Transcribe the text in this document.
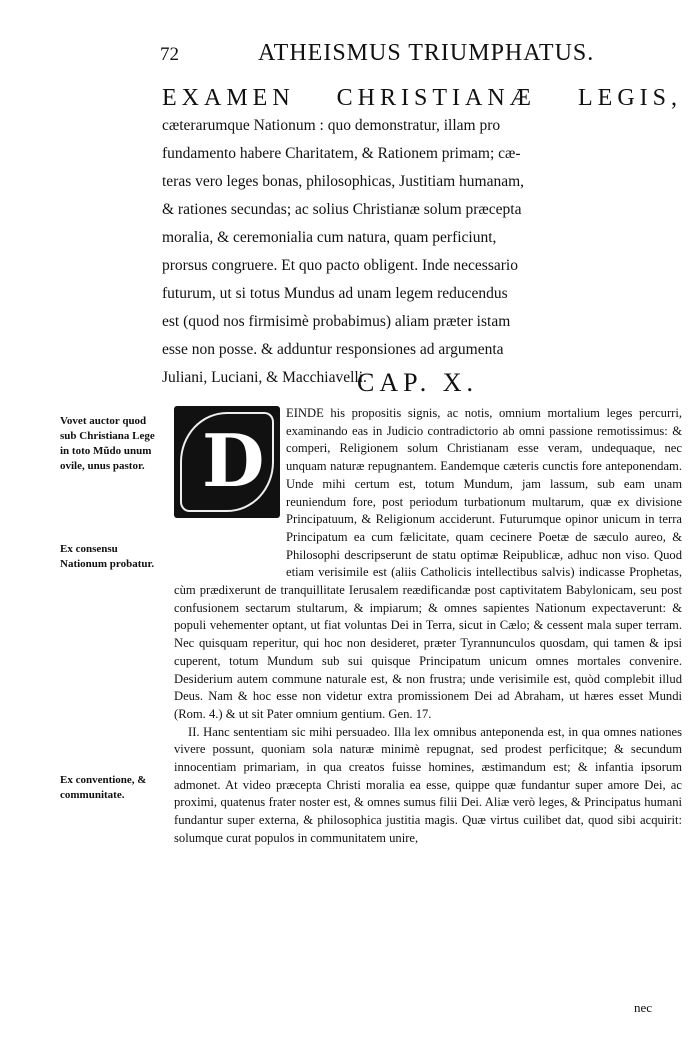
72	ATHEISMUS TRIUMPHATUS.
EXAMEN CHRISTIANÆ LEGIS,
cæterarumque Nationum : quo demonstratur, illam pro
fundamento habere Charitatem, & Rationem primam; cæ-
teras vero leges bonas, philosophicas, Justitiam humanam,
& rationes secundas; ac solius Christianæ solum præcepta
moralia, & ceremonialia cum natura, quam perficiunt,
prorsus congruere. Et quo pacto obligent. Inde necessario
futurum, ut si totus Mundus ad unam legem reducendus
est (quod nos firmisimè probabimus) aliam præter istam
esse non posse. & adduntur responsiones ad argumenta
Juliani, Luciani, & Macchiavelli.
CAP. X.
Vovet auctor quod sub Christiana Lege in toto Mũdo unum ovile, unus pastor.
Ex consensu Nationum probatur.
Ex conventione, & communitate.
D

EINDE his propositis signis, ac notis, omnium mortalium leges percurri, examinando eas in Judicio contradictorio ab omni passione remotissimus: & comperi, Religionem solum Christianam esse veram, undequaque, nec unquam naturæ repugnantem. Eandemque cæteris cunctis fore anteponendam. Unde mihi certum est, totum Mundum, jam lassum, sub eam unam reuniendum fore, post periodum turbationum multarum, quæ ex divisione Principatuum, & Religionum acciderunt. Futurumque opinor unicum in terra Principatum ea cum fælicitate, quam cecinere Poetæ de sæculo aureo, & Philosophi descripserunt de statu optimæ Reipublicæ, adhuc non viso. Quod etiam verisimile est (aliis Catholicis intellectibus salvis) indicasse Prophetas, cùm prædixerunt de tranquillitate Ierusalem reædificandæ post captivitatem Babylonicam, seu post confusionem sectarum stultarum, & impiarum; & omnes sapientes Nationum expectaverunt: & populi vehementer optant, ut fiat voluntas Dei in Terra, sicut in Cælo; & cessent mala super terram. Nec quisquam reperitur, qui hoc non desideret, præter Tyrannunculos quosdam, qui tamen & ipsi cuperent, totum Mundum sub sui quisque Principatum unicum omnes mortales convenire. Desiderium autem commune naturale est, & non frustra; unde verisimile est, quòd complebit illud Deus. Nam & hoc esse non videtur extra promissionem Dei ad Abraham, ut hæres esset Mundi (Rom. 4.) & ut sit Pater omnium gentium. Gen. 17.

II. Hanc sententiam sic mihi persuadeo. Illa lex omnibus anteponenda est, in qua omnes nationes vivere possunt, quoniam sola naturæ minimè repugnat, sed prodest perficitque; & secundum innocentiam primariam, in qua creatos fuisse homines, æstimandum est; & infantia ipsorum admonet. At video præcepta Christi moralia ea esse, quippe quæ fundantur super amore Dei, ac proximi, quatenus frater noster est, & omnes sumus filii Dei. Aliæ verò leges, & Principatus humani fundantur super externa, & philosophica justitia magis. Quæ virtus cuilibet dat, quod sibi acquirit: solumque curat populos in communitatem unire,

nec
